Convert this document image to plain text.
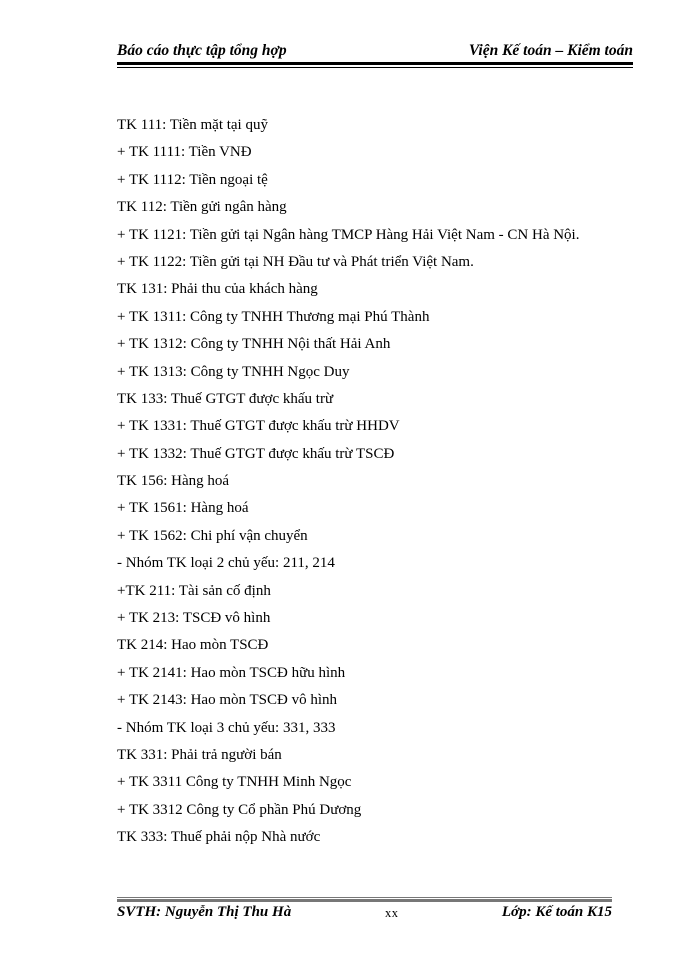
Báo cáo thực tập tổng hợp	Viện Kế toán – Kiểm toán
TK 111: Tiền mặt tại quỹ
+ TK 1111: Tiền VNĐ
+ TK 1112: Tiền ngoại tệ
TK 112: Tiền gửi ngân hàng
+ TK 1121: Tiền gửi tại Ngân hàng TMCP Hàng Hải Việt Nam - CN Hà Nội.
+ TK 1122: Tiền gửi tại NH Đầu tư và Phát triển Việt Nam.
TK 131: Phải thu của khách hàng
+ TK 1311: Công ty TNHH Thương mại Phú Thành
+ TK 1312: Công ty TNHH Nội thất Hải Anh
+ TK 1313: Công ty TNHH Ngọc Duy
TK 133: Thuế GTGT được khấu trừ
+ TK 1331: Thuế GTGT được khấu trừ HHDV
+ TK 1332: Thuế GTGT được khấu trừ TSCĐ
TK 156: Hàng hoá
+ TK 1561: Hàng hoá
+ TK 1562: Chi phí vận chuyển
- Nhóm TK loại 2 chủ yếu: 211, 214
+TK 211: Tài sản cố định
+ TK 213: TSCĐ vô hình
TK 214: Hao mòn TSCĐ
+ TK 2141: Hao mòn TSCĐ hữu hình
+ TK 2143: Hao mòn TSCĐ vô hình
- Nhóm TK loại 3 chủ yếu: 331, 333
TK 331: Phải trả người bán
+ TK 3311 Công ty TNHH Minh Ngọc
+ TK 3312 Công ty Cổ phần Phú Dương
TK 333: Thuế phải nộp Nhà nước
SVTH: Nguyễn Thị Thu Hà	xx	Lớp: Kế toán K15
